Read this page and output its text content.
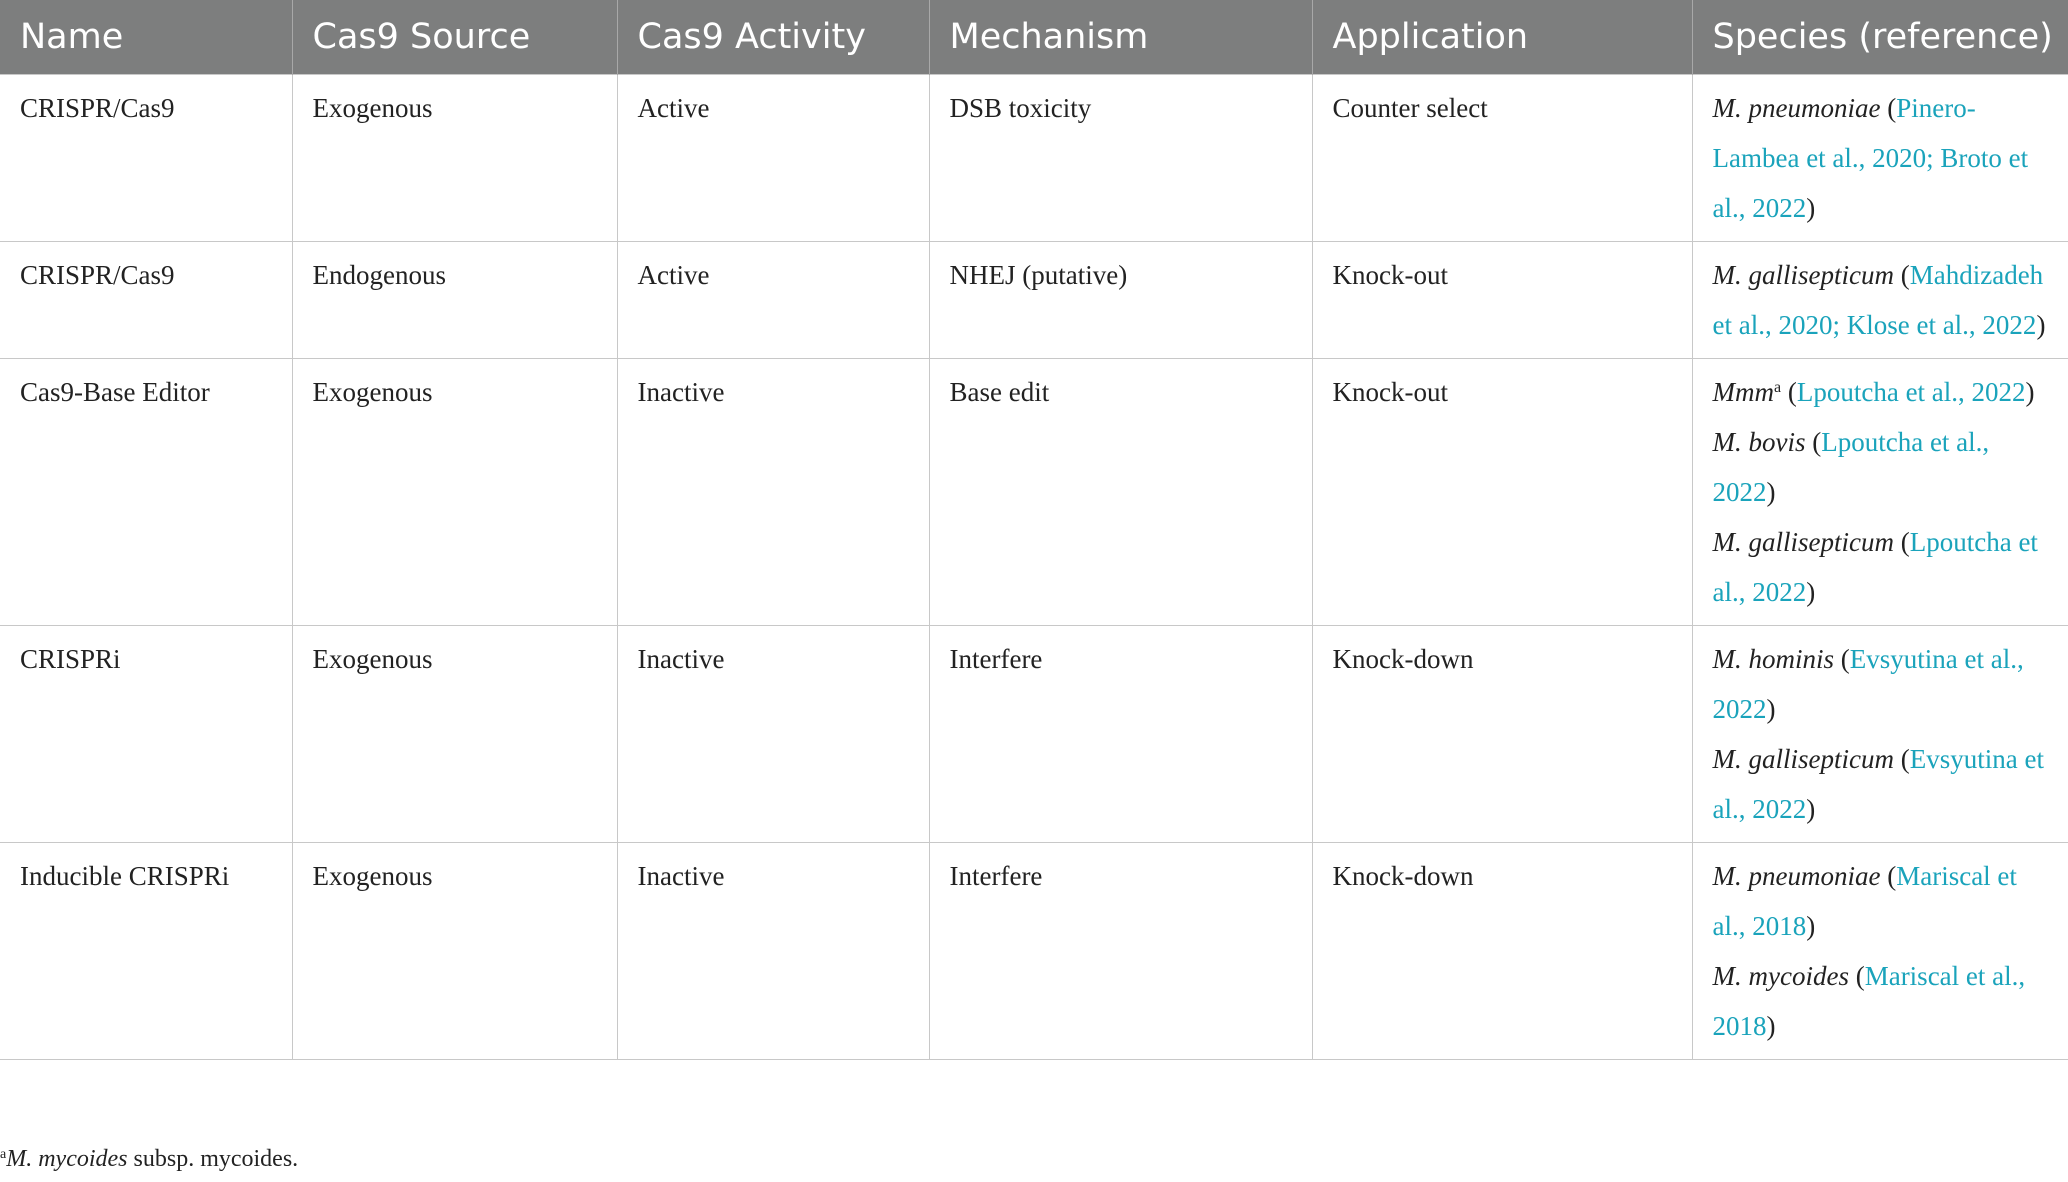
Name	Cas9 Source	Cas9 Activity	Mechanism	Application	Species (reference)
CRISPR/Cas9	Exogenous	Active	DSB toxicity	Counter select	M. pneumoniae (Pinero-Lambea et al., 2020; Broto et al., 2022)

CRISPR/Cas9	Endogenous	Active	NHEJ (putative)	Knock-out	M. gallisepticum (Mahdizadeh et al., 2020; Klose et al., 2022)

Cas9-Base Editor	Exogenous	Inactive	Base edit	Knock-out	Mmm$^a$ (Lpoutcha et al., 2022)
M. bovis (Lpoutcha et al., 2022)
M. gallisepticum (Lpoutcha et al., 2022)

CRISPRi	Exogenous	Inactive	Interfere	Knock-down	M. hominis (Evsyutina et al., 2022)
M. gallisepticum (Evsyutina et al., 2022)

Inducible CRISPRi	Exogenous	Inactive	Interfere	Knock-down	M. pneumoniae (Mariscal et al., 2018)
M. mycoides (Mariscal et al., 2018)
$^a$M. mycoides subsp. mycoides.
